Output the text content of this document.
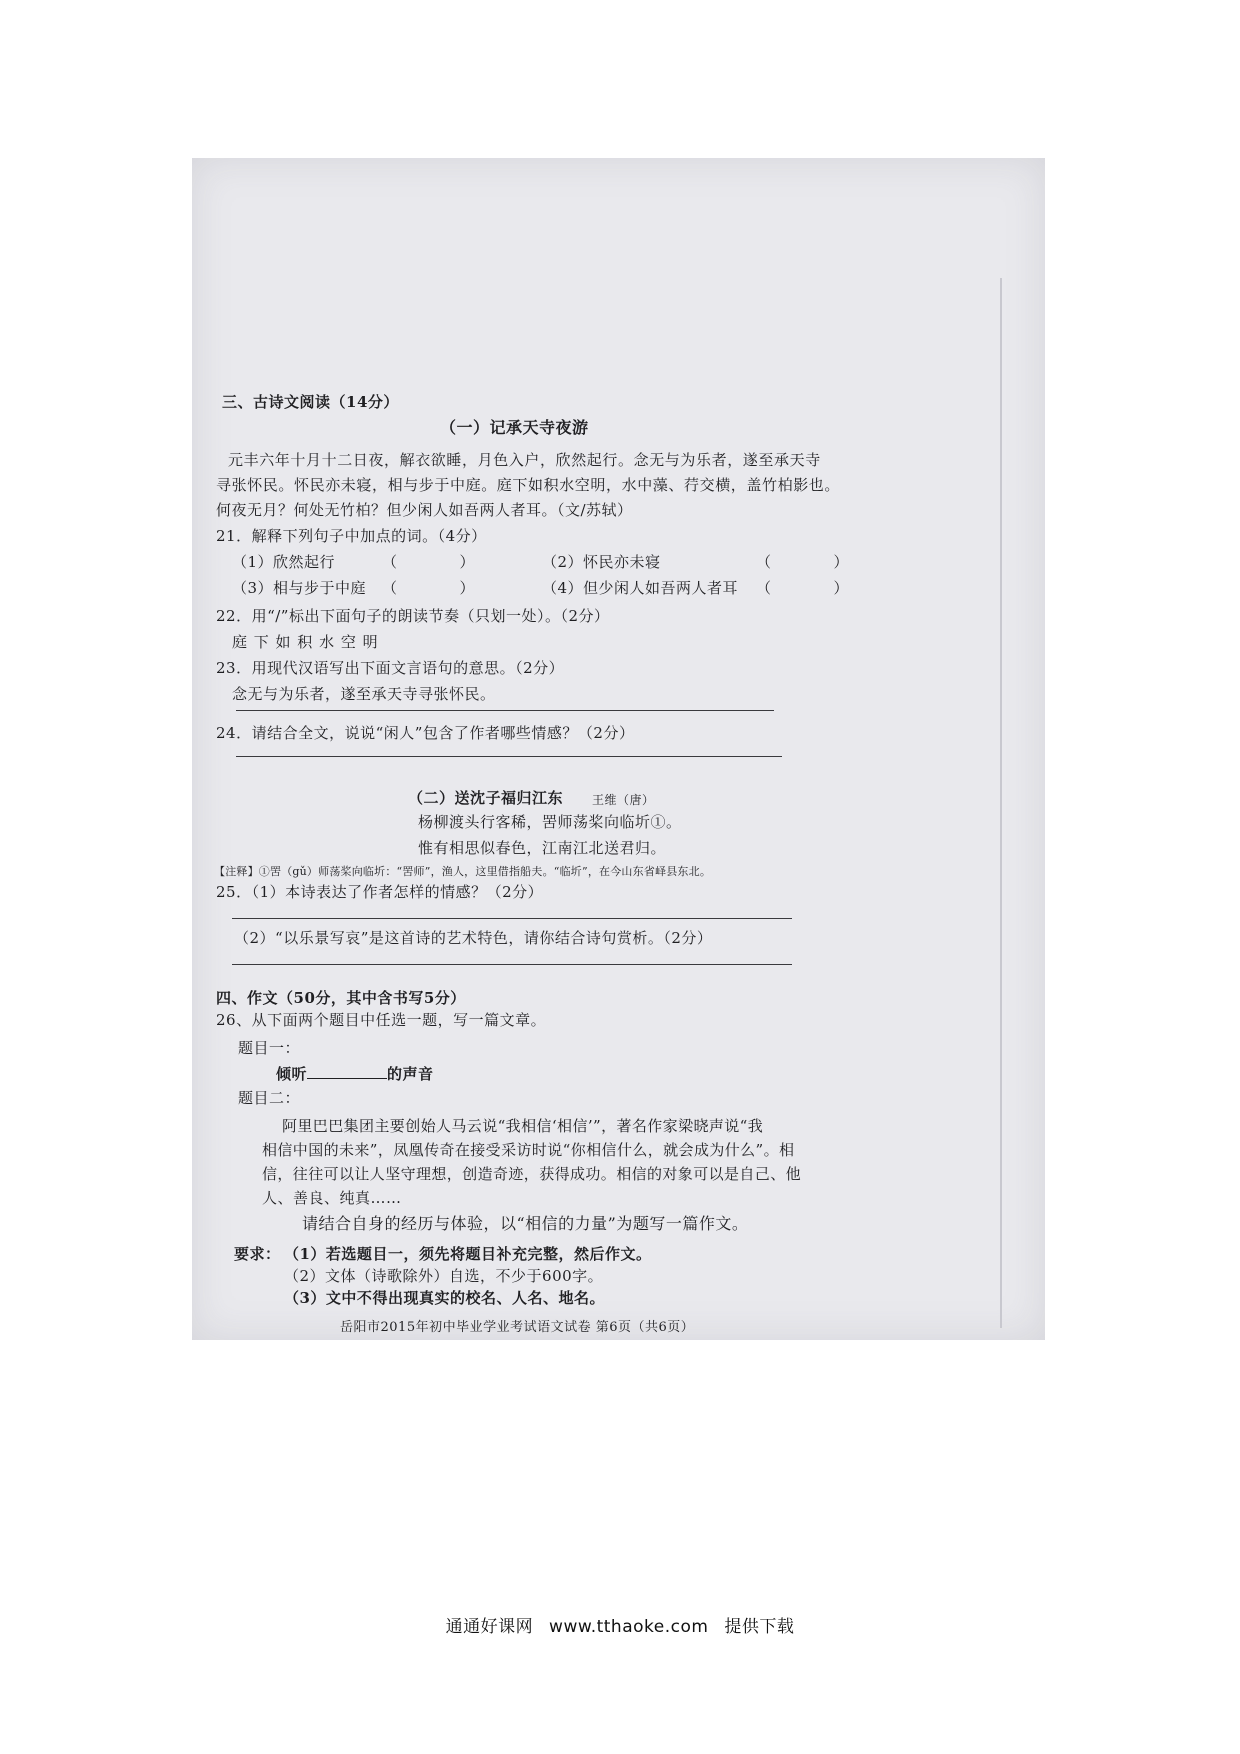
三、古诗文阅读（14分）
（一）记承天寺夜游
元丰六年十月十二日夜，解衣欲睡，月色入户，欣然起行。念无与为乐者，遂至承天寺
寻张怀民。怀民亦未寝，相与步于中庭。庭下如积水空明，水中藻、荇交横，盖竹柏影也。
何夜无月？何处无竹柏？但少闲人如吾两人者耳。（文/苏轼）
21．解释下列句子中加点的词。（4分）
（1）欣然起行	（　　　　）	（2）怀民亦未寝	（　　　　）
（3）相与步于中庭 （　　　　）	（4）但少闲人如吾两人者耳 （　　　　）
22．用“/”标出下面句子的朗读节奏（只划一处）。（2分）
庭 下 如 积 水 空 明
23．用现代汉语写出下面文言语句的意思。（2分）
念无与为乐者，遂至承天寺寻张怀民。
24．请结合全文，说说“闲人”包含了作者哪些情感？（2分）
（二）送沈子福归江东 王维（唐）
杨柳渡头行客稀，罟师荡桨向临圻①。
惟有相思似春色，江南江北送君归。
【注释】①罟（gǔ）师荡桨向临圻：“罟师”，渔人，这里借指船夫。“临圻”，在今山东省峄县东北。
25．（1）本诗表达了作者怎样的情感？（2分）
（2）“以乐景写哀”是这首诗的艺术特色，请你结合诗句赏析。（2分）
四、作文（50分，其中含书写5分）
26、从下面两个题目中任选一题，写一篇文章。
题目一：
倾听	的声音
题目二：
阿里巴巴集团主要创始人马云说“我相信‘相信’”，著名作家梁晓声说“我
相信中国的未来”，凤凰传奇在接受采访时说“你相信什么，就会成为什么”。相
信，往往可以让人坚守理想，创造奇迹，获得成功。相信的对象可以是自己、他
人、善良、纯真……
请结合自身的经历与体验，以“相信的力量”为题写一篇作文。
要求： （1）若选题目一，须先将题目补充完整，然后作文。
（2）文体（诗歌除外）自选，不少于600字。
（3）文中不得出现真实的校名、人名、地名。
岳阳市2015年初中毕业学业考试语文试卷 第6页（共6页）
通通好课网 www.tthaoke.com 提供下载
